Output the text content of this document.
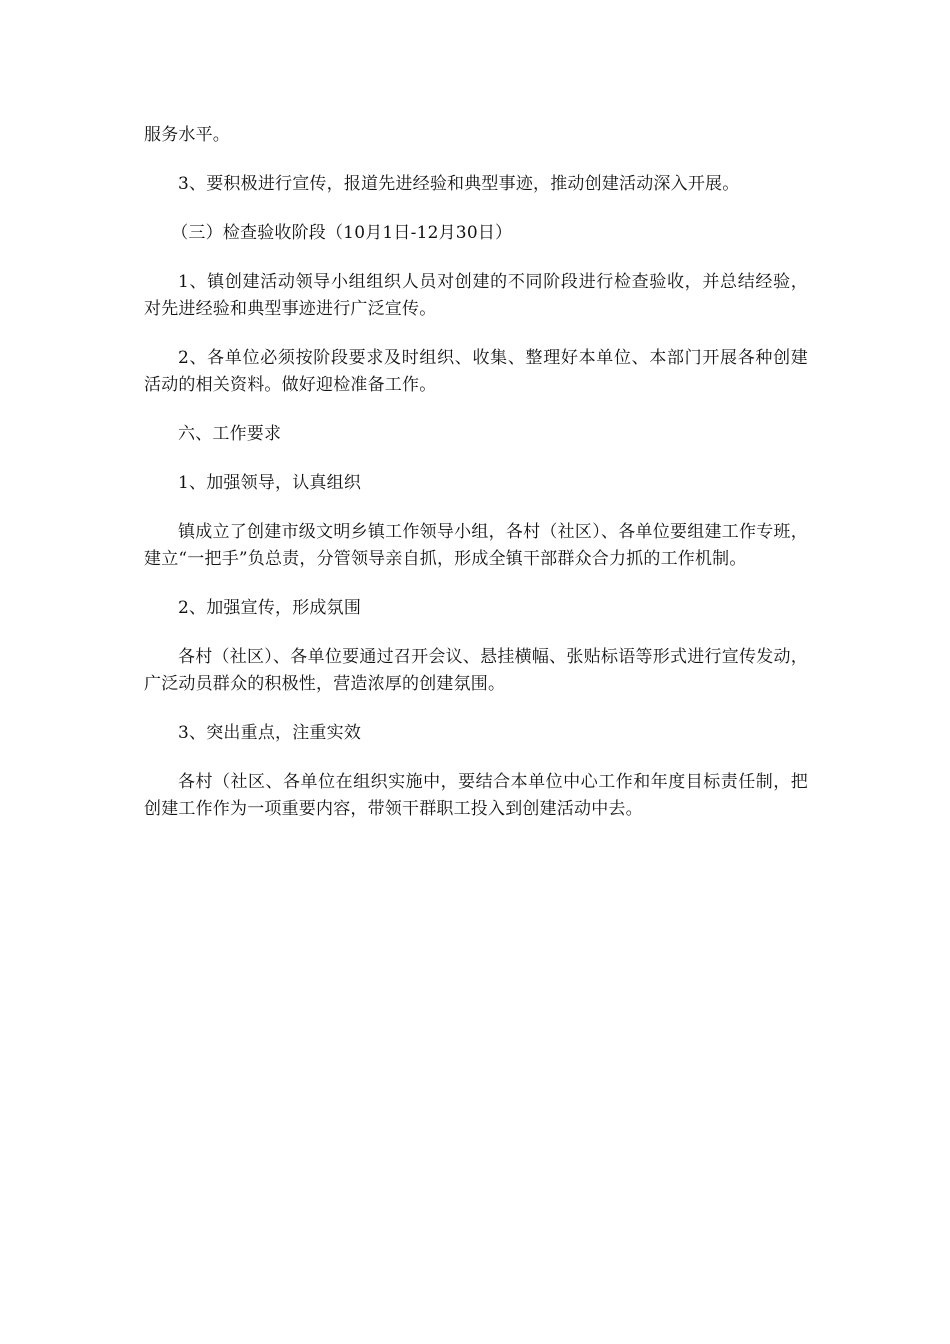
服务水平。

3、要积极进行宣传，报道先进经验和典型事迹，推动创建活动深入开展。

（三）检查验收阶段（10月1日-12月30日）

1、镇创建活动领导小组组织人员对创建的不同阶段进行检查验收，并总结经验，对先进经验和典型事迹进行广泛宣传。

2、各单位必须按阶段要求及时组织、收集、整理好本单位、本部门开展各种创建活动的相关资料。做好迎检准备工作。

六、工作要求

1、加强领导，认真组织

镇成立了创建市级文明乡镇工作领导小组，各村（社区）、各单位要组建工作专班，建立“一把手”负总责，分管领导亲自抓，形成全镇干部群众合力抓的工作机制。

2、加强宣传，形成氛围

各村（社区）、各单位要通过召开会议、悬挂横幅、张贴标语等形式进行宣传发动，广泛动员群众的积极性，营造浓厚的创建氛围。

3、突出重点，注重实效

各村（社区、各单位在组织实施中，要结合本单位中心工作和年度目标责任制，把创建工作作为一项重要内容，带领干群职工投入到创建活动中去。
